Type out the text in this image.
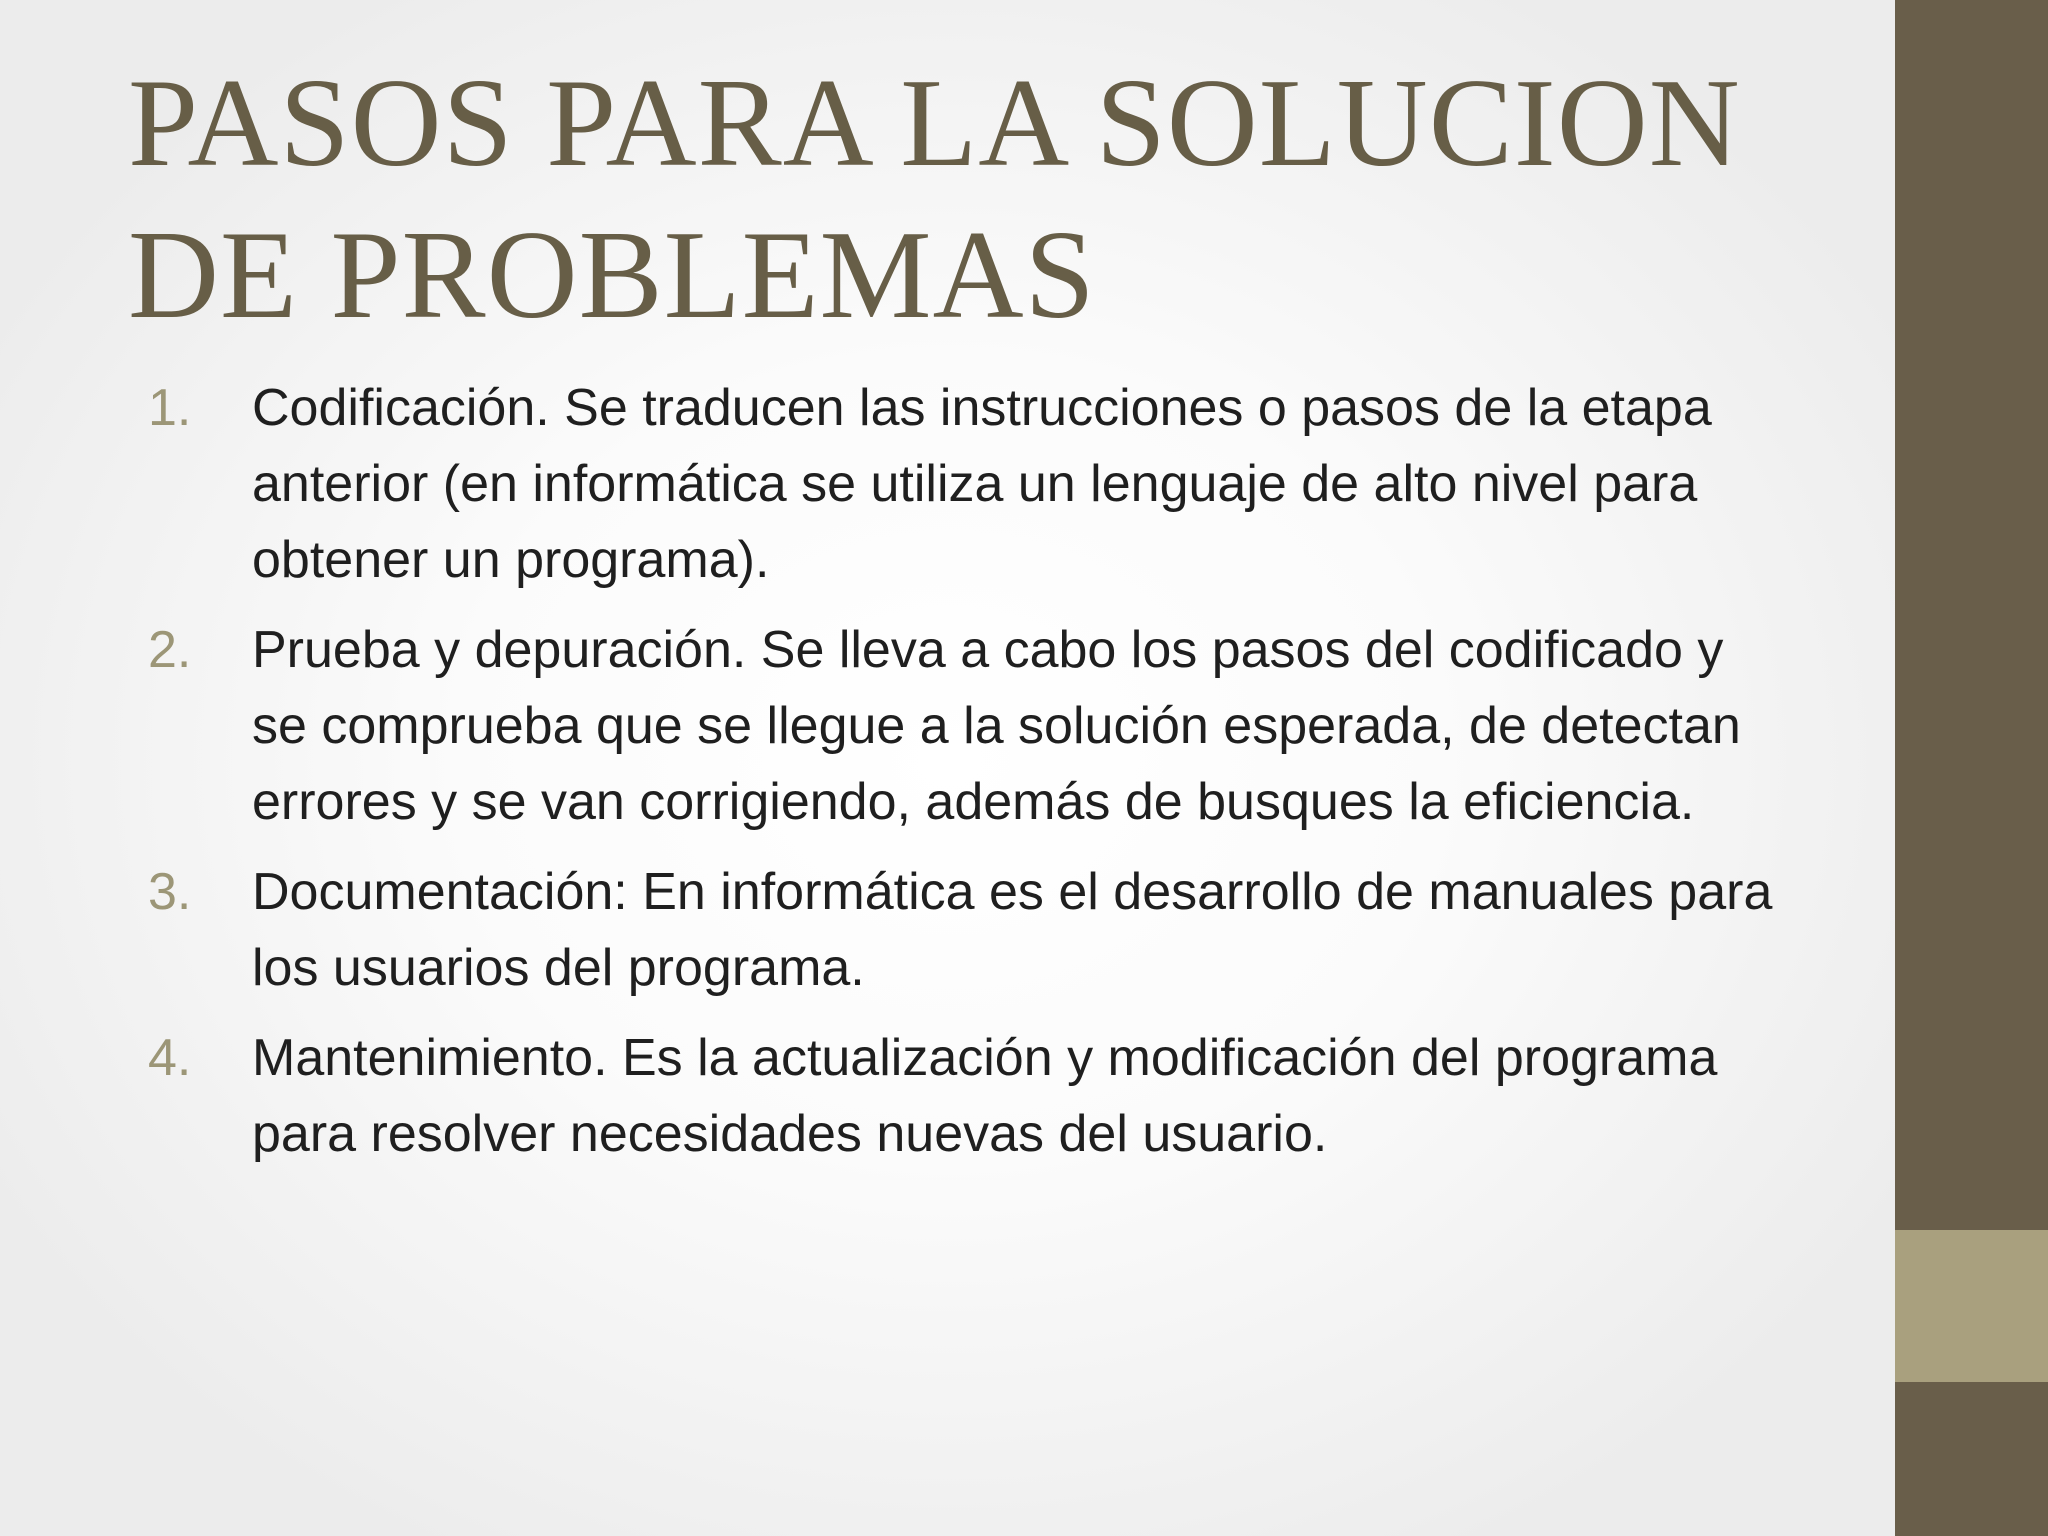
PASOS PARA LA SOLUCION
DE PROBLEMAS
1. Codificación. Se traducen las instrucciones o pasos de la etapa anterior (en informática se utiliza un lenguaje de alto nivel para obtener un programa).
2. Prueba y depuración. Se lleva a cabo los pasos del codificado y se comprueba que se llegue a la solución esperada, de detectan errores y se van corrigiendo, además de busques la eficiencia.
3. Documentación: En informática es el desarrollo de manuales para los usuarios del programa.
4. Mantenimiento. Es la actualización y modificación del programa para resolver necesidades nuevas del usuario.
